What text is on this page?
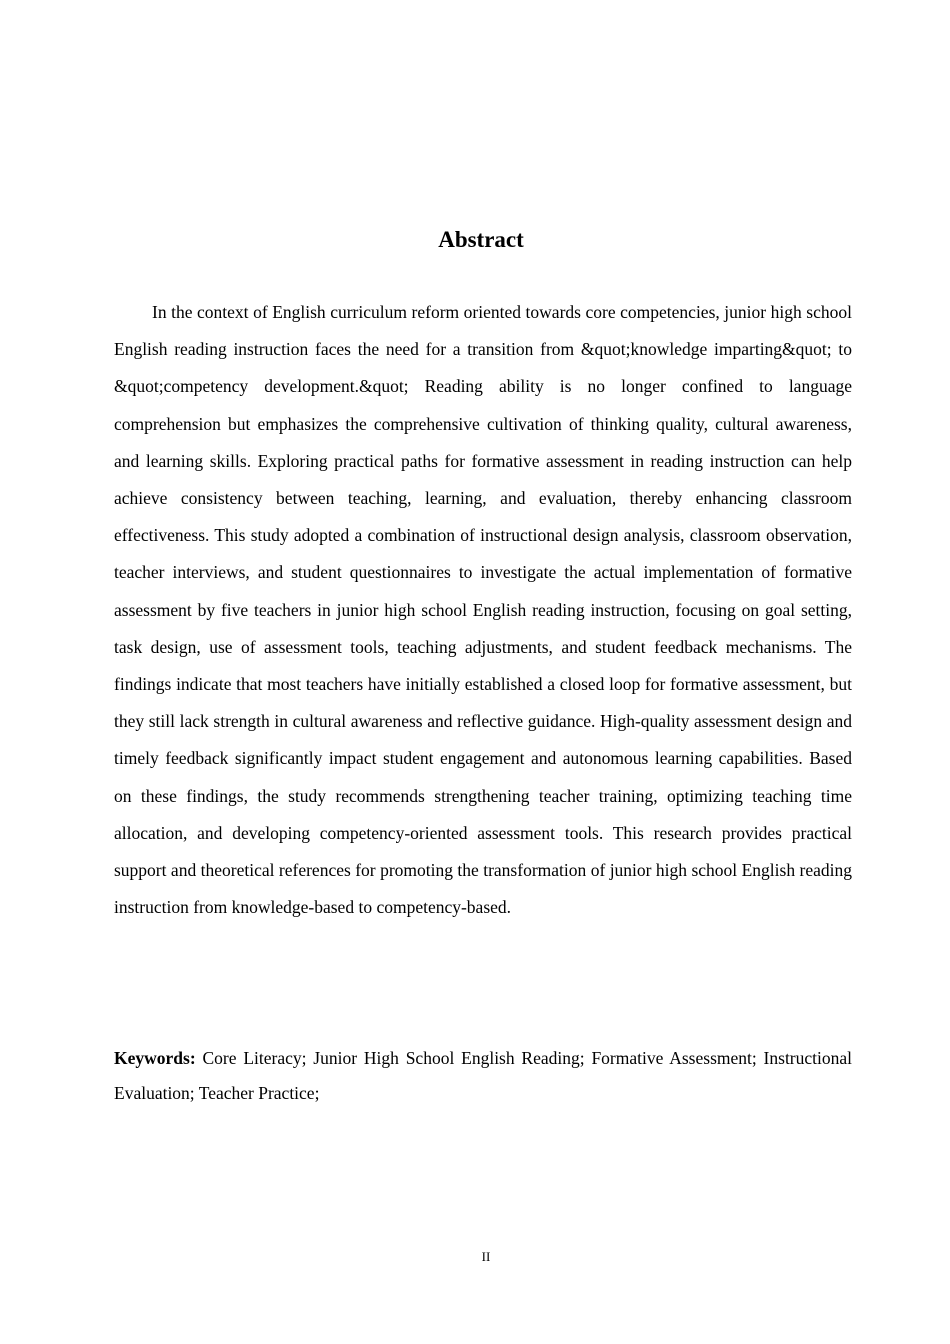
Abstract

In the context of English curriculum reform oriented towards core competencies, junior high school English reading instruction faces the need for a transition from &quot;knowledge imparting&quot; to &quot;competency development.&quot; Reading ability is no longer confined to language comprehension but emphasizes the comprehensive cultivation of thinking quality, cultural awareness, and learning skills. Exploring practical paths for formative assessment in reading instruction can help achieve consistency between teaching, learning, and evaluation, thereby enhancing classroom effectiveness. This study adopted a combination of instructional design analysis, classroom observation, teacher interviews, and student questionnaires to investigate the actual implementation of formative assessment by five teachers in junior high school English reading instruction, focusing on goal setting, task design, use of assessment tools, teaching adjustments, and student feedback mechanisms. The findings indicate that most teachers have initially established a closed loop for formative assessment, but they still lack strength in cultural awareness and reflective guidance. High-quality assessment design and timely feedback significantly impact student engagement and autonomous learning capabilities. Based on these findings, the study recommends strengthening teacher training, optimizing teaching time allocation, and developing competency-oriented assessment tools. This research provides practical support and theoretical references for promoting the transformation of junior high school English reading instruction from knowledge-based to competency-based.

Keywords: Core Literacy; Junior High School English Reading; Formative Assessment; Instructional Evaluation; Teacher Practice;

II
